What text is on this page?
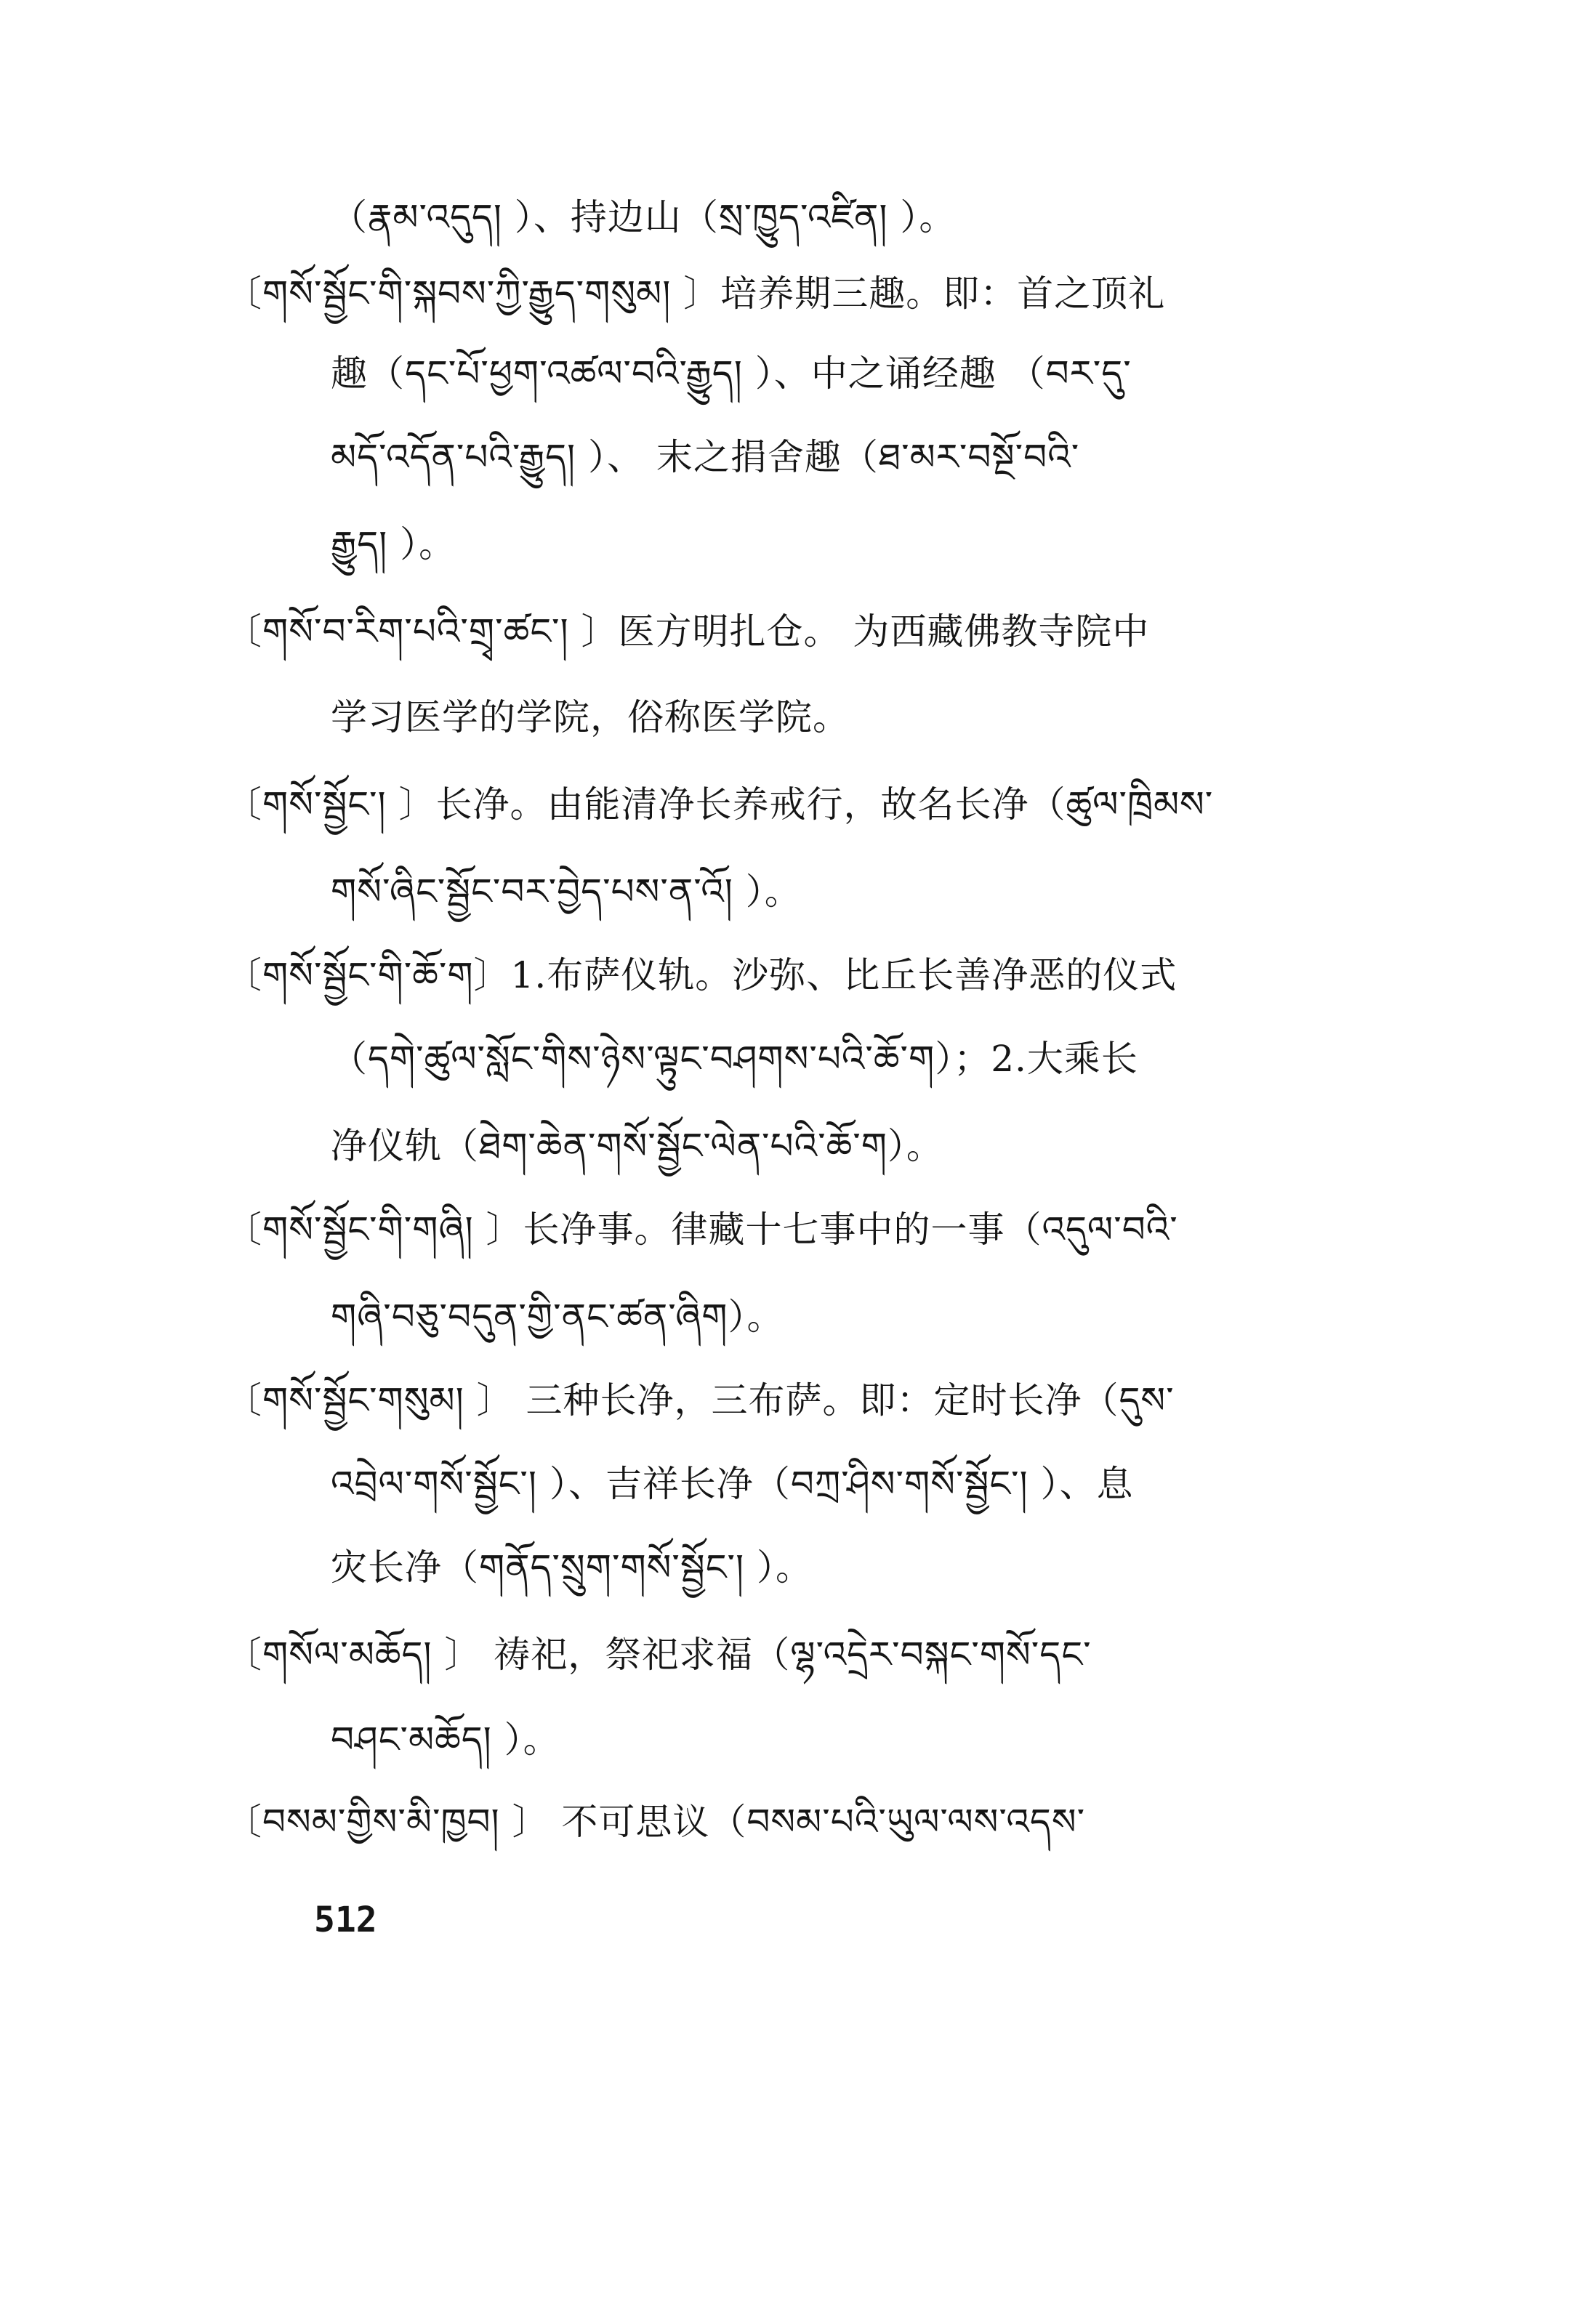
（རྣམ་འདུད། ）、持边山（སྲ་ཁྱུད་འཛིན། ）。
〔གསོ་སྦྱོང་གི་སྐབས་ཀྱི་རྒྱུད་གསུམ། 〕培养期三趣。即：首之顶礼
趣（དང་པོ་ཕྱག་འཚལ་བའི་རྒྱུད། ）、中之诵经趣 （བར་དུ་
མདོ་འདོན་པའི་རྒྱུད། ）、 末之捐舍趣（ཐ་མར་བསྔོ་བའི་
རྒྱུད། ）。
〔གསོ་བ་རིག་པའི་གྲྭ་ཚང་། 〕医方明扎仓。 为西藏佛教寺院中
学习医学的学院，俗称医学院。
〔གསོ་སྦྱོང་། 〕长净。由能清净长养戒行，故名长净（ཚུལ་ཁྲིམས་
གསོ་ཞིང་སྦྱོང་བར་བྱེད་པས་ན་འོ། ）。
〔གསོ་སྦྱོང་གི་ཆོ་ག〕1.布萨仪轨。沙弥、比丘长善净恶的仪式
（དགེ་ཚུལ་སློང་གིས་ཉེས་ལྟུང་བཤགས་པའི་ཆོ་ག）；2.大乘长
净仪轨（ཐེག་ཆེན་གསོ་སྦྱོང་ལེན་པའི་ཆོ་ག）。
〔གསོ་སྦྱོང་གི་གཞི། 〕长净事。律藏十七事中的一事（འདུལ་བའི་
གཞི་བཅུ་བདུན་གྱི་ནང་ཚན་ཞིག）。
〔གསོ་སྦྱོང་གསུམ། 〕 三种长净，三布萨。即：定时长净（དུས་
འབྲེལ་གསོ་སྦྱོང་། ）、吉祥长净（བཀྲ་ཤིས་གསོ་སྦྱོང་། ）、息
灾长净（གནོད་སྲུག་གསོ་སྦྱོང་། ）。
〔གསོལ་མཆོད། 〕 祷祀，祭祀求福（ལྷ་འདྲེར་བསྐང་གསོ་དང་
བཤང་མཆོད། ）。
〔བསམ་གྱིས་མི་ཁྱབ། 〕 不可思议（བསམ་པའི་ཡུལ་ལས་འདས་
512
